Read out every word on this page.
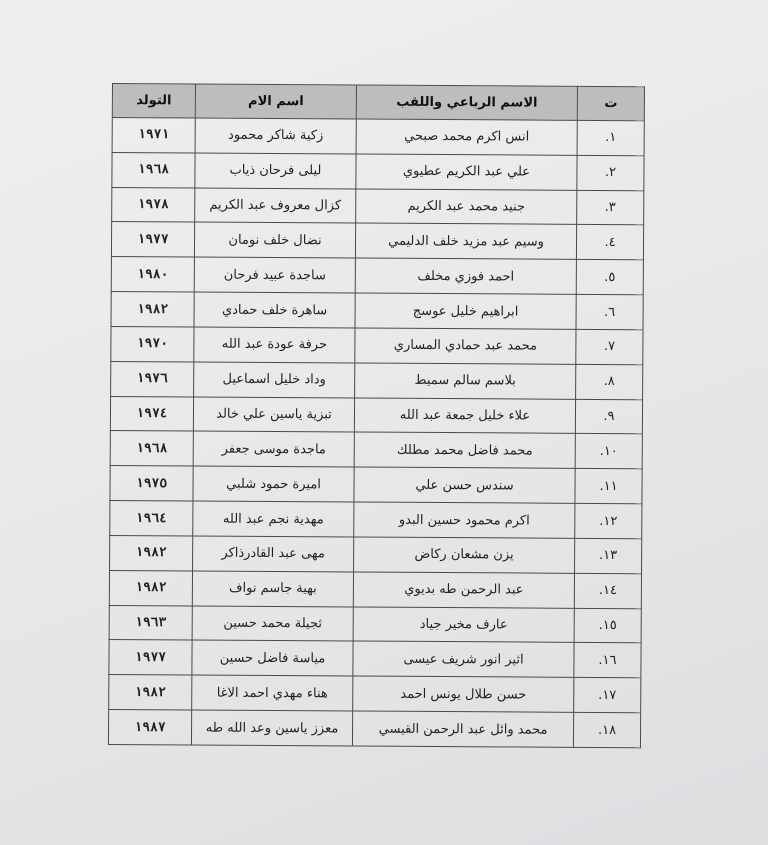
ت	الاسم الرباعي واللقب	اسم الام	التولد
١.	انس اكرم محمد صبحي	زكية شاكر محمود	١٩٧١
٢.	علي عبد الكريم عطيوي	ليلى فرحان ذياب	١٩٦٨
٣.	جنيد محمد عبد الكريم	كزال معروف عبد الكريم	١٩٧٨
٤.	وسيم عبد مزيد خلف الدليمي	نضال خلف نومان	١٩٧٧
٥.	احمد فوزي مخلف	ساجدة عبيد فرحان	١٩٨٠
٦.	ابراهيم خليل عوسج	ساهرة خلف حمادي	١٩٨٢
٧.	محمد عبد حمادي المساري	حرفة عودة عبد الله	١٩٧٠
٨.	بلاسم سالم سميط	وداد خليل اسماعيل	١٩٧٦
٩.	علاء خليل جمعة عبد الله	تبزية ياسين علي خالد	١٩٧٤
١٠.	محمد فاضل محمد مطلك	ماجدة موسى جعفر	١٩٦٨
١١.	سندس حسن علي	اميرة حمود شلبي	١٩٧٥
١٢.	اكرم محمود حسين البدو	مهدية نجم عبد الله	١٩٦٤
١٣.	يزن مشعان ركاض	مهى عبد القادرذاكر	١٩٨٢
١٤.	عبد الرحمن طه بديوي	بهية جاسم نواف	١٩٨٢
١٥.	عارف مخير جياد	ثجيلة محمد حسين	١٩٦٣
١٦.	اثير انور شريف عيسى	مياسة فاضل حسين	١٩٧٧
١٧.	حسن طلال يونس احمد	هناء مهدي احمد الاغا	١٩٨٢
١٨.	محمد وائل عبد الرحمن القيسي	معزز ياسين وعد الله طه	١٩٨٧
